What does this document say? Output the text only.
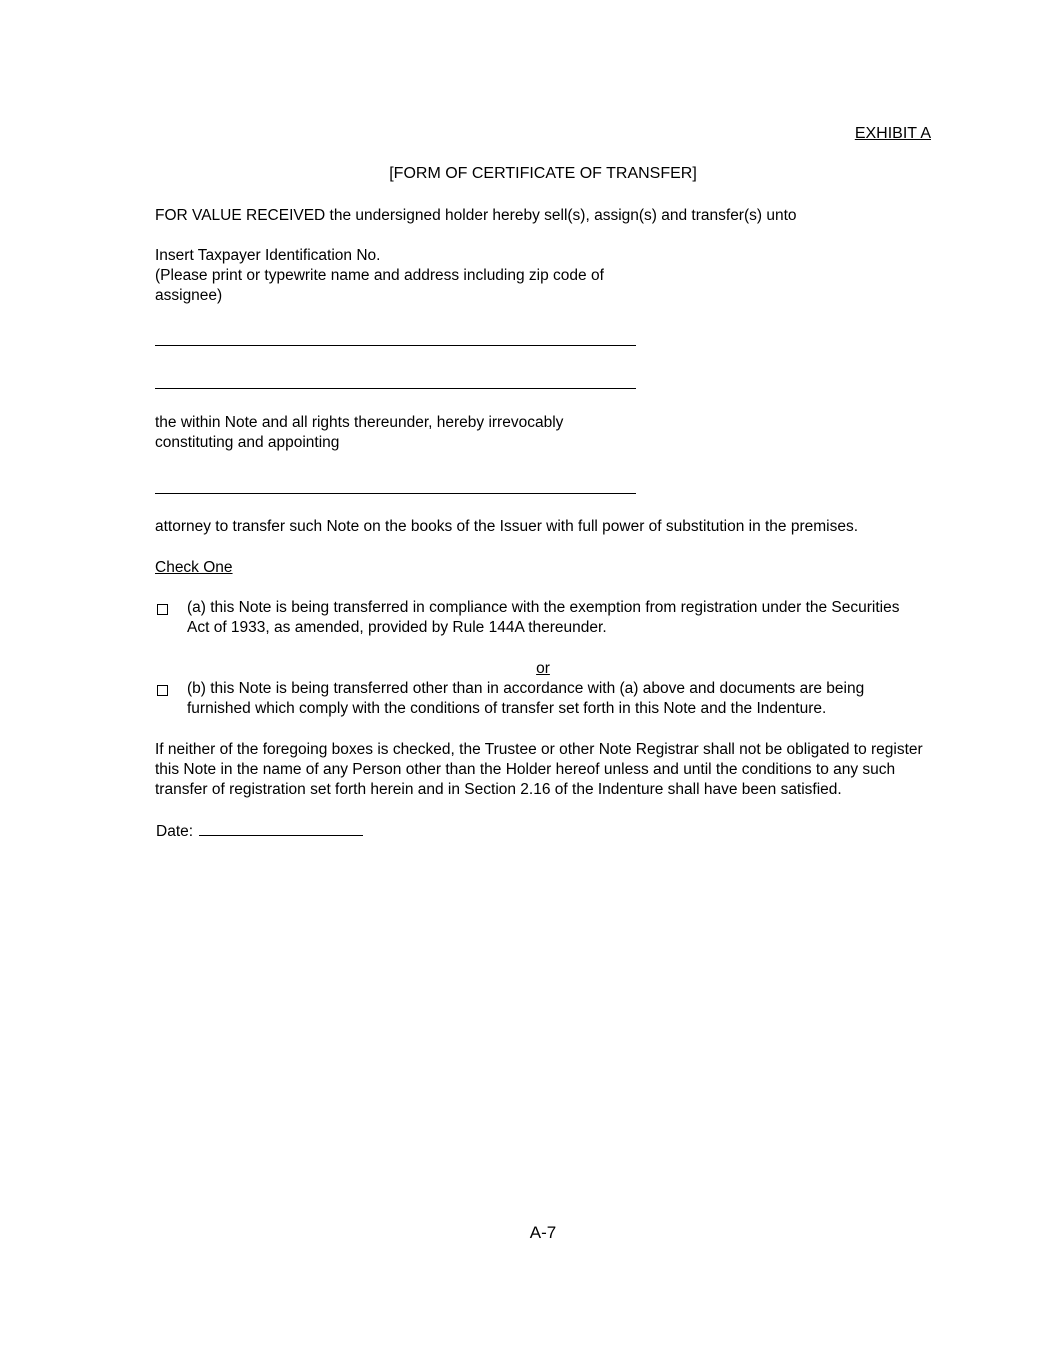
EXHIBIT A
[FORM OF CERTIFICATE OF TRANSFER]
FOR VALUE RECEIVED the undersigned holder hereby sell(s), assign(s) and transfer(s) unto
Insert Taxpayer Identification No.
(Please print or typewrite name and address including zip code of
assignee)
the within Note and all rights thereunder, hereby irrevocably
constituting and appointing
attorney to transfer such Note on the books of the Issuer with full power of substitution in the premises.
Check One
(a) this Note is being transferred in compliance with the exemption from registration under the Securities
Act of 1933, as amended, provided by Rule 144A thereunder.
or
(b) this Note is being transferred other than in accordance with (a) above and documents are being
furnished which comply with the conditions of transfer set forth in this Note and the Indenture.
If neither of the foregoing boxes is checked, the Trustee or other Note Registrar shall not be obligated to register
this Note in the name of any Person other than the Holder hereof unless and until the conditions to any such
transfer of registration set forth herein and in Section 2.16 of the Indenture shall have been satisfied.
Date:
A-7
